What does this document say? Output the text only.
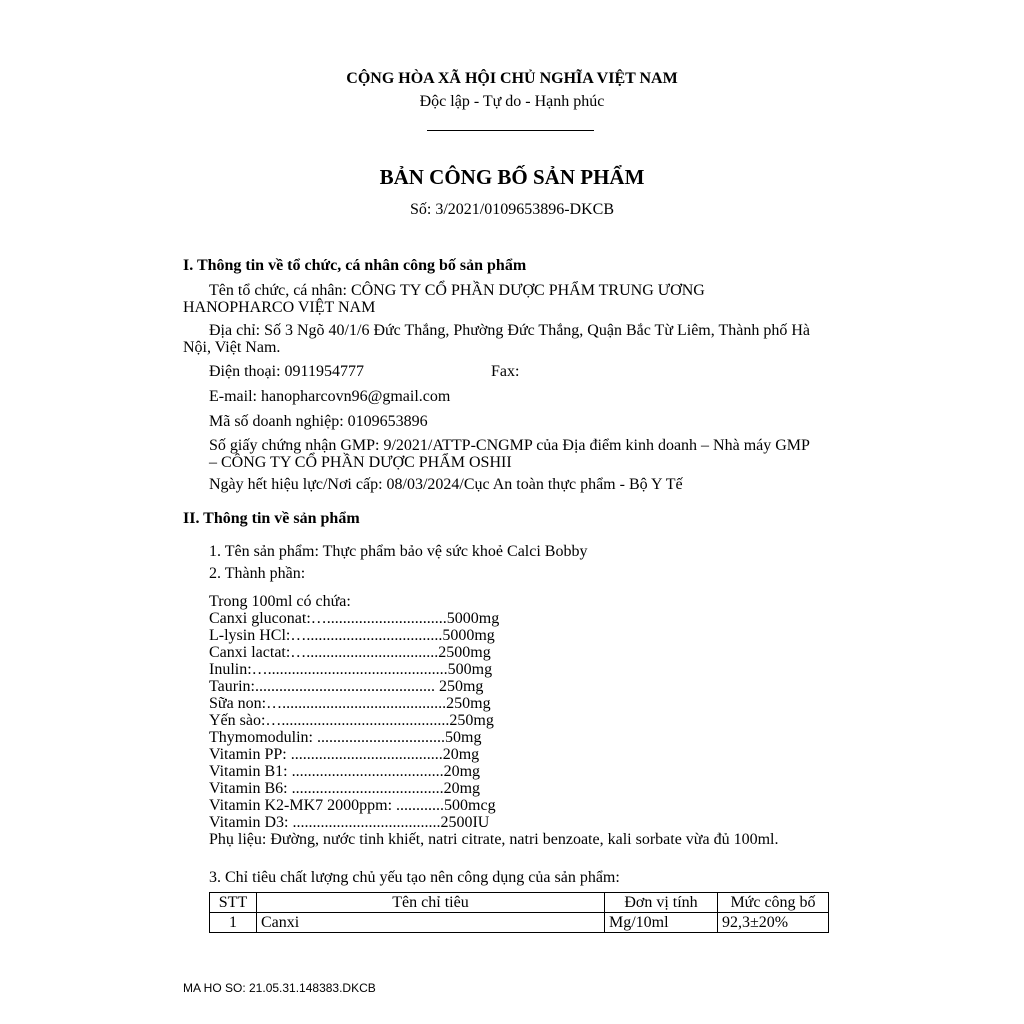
CỘNG HÒA XÃ HỘI CHỦ NGHĨA VIỆT NAM
Độc lập - Tự do - Hạnh phúc
BẢN CÔNG BỐ SẢN PHẨM
Số: 3/2021/0109653896-DKCB
I. Thông tin về tổ chức, cá nhân công bố sản phẩm
Tên tổ chức, cá nhân: CÔNG TY CỔ PHẦN DƯỢC PHẨM TRUNG ƯƠNG
HANOPHARCO VIỆT NAM
Địa chỉ: Số 3 Ngõ 40/1/6 Đức Thắng, Phường Đức Thắng, Quận Bắc Từ Liêm, Thành phố Hà
Nội, Việt Nam.
Điện thoại: 0911954777	Fax:
E-mail: hanopharcovn96@gmail.com
Mã số doanh nghiệp: 0109653896
Số giấy chứng nhận GMP: 9/2021/ATTP-CNGMP của Địa điểm kinh doanh – Nhà máy GMP
– CÔNG TY CỔ PHẦN DƯỢC PHẨM OSHII
Ngày hết hiệu lực/Nơi cấp: 08/03/2024/Cục An toàn thực phẩm - Bộ Y Tế
II. Thông tin về sản phẩm
1. Tên sản phẩm: Thực phẩm bảo vệ sức khoẻ Calci Bobby
2. Thành phần:
Trong 100ml có chứa:
Canxi gluconat:…..............................5000mg
L-lysin HCl:…..................................5000mg
Canxi lactat:….................................2500mg
Inulin:….............................................500mg
Taurin:............................................. 250mg
Sữa non:….........................................250mg
Yến sào:…..........................................250mg
Thymomodulin: ................................50mg
Vitamin PP: ......................................20mg
Vitamin B1: ......................................20mg
Vitamin B6: ......................................20mg
Vitamin K2-MK7 2000ppm: ............500mcg
Vitamin D3: .....................................2500IU
Phụ liệu: Đường, nước tinh khiết, natri citrate, natri benzoate, kali sorbate vừa đủ 100ml.
3. Chỉ tiêu chất lượng chủ yếu tạo nên công dụng của sản phẩm:
STT	Tên chỉ tiêu	Đơn vị tính	Mức công bố
1	Canxi	Mg/10ml	92,3±20%
MA HO SO: 21.05.31.148383.DKCB
